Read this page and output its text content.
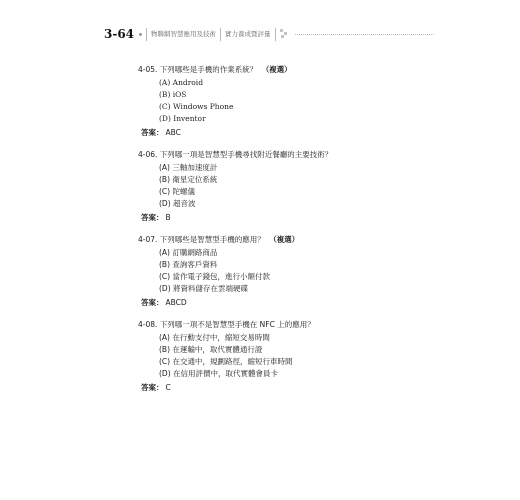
3-64	物聯網智慧應用及技術	實力養成暨評量
4-05. 下列哪些是手機的作業系統？ （複選）
(A) Android
(B) iOS
(C) Windows Phone
(D) Inventor
答案： ABC
4-06. 下列哪一項是智慧型手機尋找附近餐廳的主要技術？
(A) 三軸加速度計
(B) 衛星定位系統
(C) 陀螺儀
(D) 超音波
答案： B
4-07. 下列哪些是智慧型手機的應用？ （複選）
(A) 訂購網路商品
(B) 查詢客戶資料
(C) 當作電子錢包，進行小額付款
(D) 將資料儲存在雲端硬碟
答案： ABCD
4-08. 下列哪一項不是智慧型手機在 NFC 上的應用？
(A) 在行動支付中，縮短交易時間
(B) 在運輸中，取代實體通行證
(C) 在交通中，規劃路徑，縮短行車時間
(D) 在信用評價中，取代實體會員卡
答案： C
